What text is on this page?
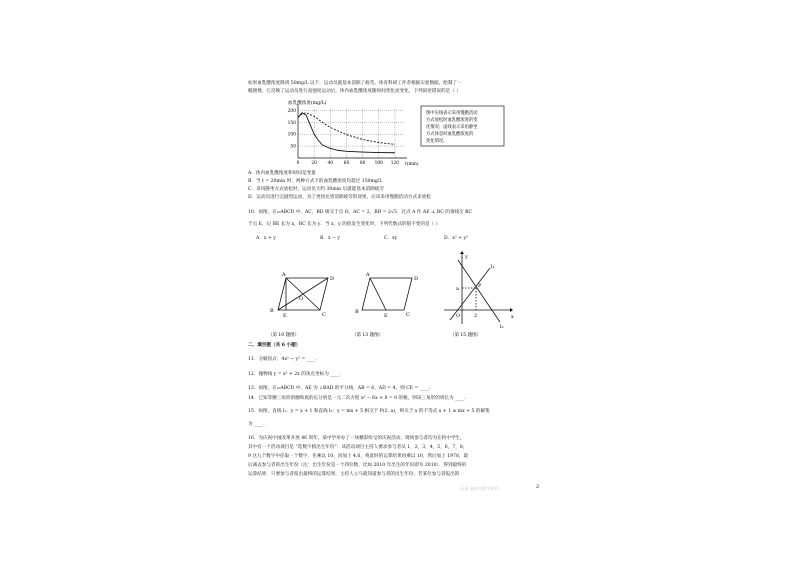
如果血乳酸浓度降到 50mg/L 以下，运动员就基本消除了疲劳。体育科研工作者根据实验数据，绘制了一
幅图像，它反映了运动员进行高强度运动后，体内血乳酸浓度随时间变化而变化，下列叙述错误的是（ ）
血乳酸浓度(mg/L)
200
150
100
50
0	20 40 60 80 100 120 t(min)
图中实线表示采用慢跑活动
方式放松时血乳酸浓度的变
化情况；虚线表示采用静坐
方式休息时血乳酸浓度的
变化情况。
A．体内血乳酸浓度和时间是变量
B．当 t = 20min 时，两种方式下的血乳酸浓度均超过 150mg/L
C．采用静坐方式放松时，运动员大约 30min 后就能基本消除疲劳
D．运动员进行完剧烈运动，为了更快达到消除疲劳的效果，应该采用慢跑活动方式来放松
10．如图，在▱ABCD 中，AC、BD 相交于点 O，AC = 2，BD = 2√3．过点 A 作 AE ⊥ BC 的垂线交 BC
于点 E，记 BE 长为 x，BC 长为 y．当 x，y 的值发生变化时，下列代数式的值不变的是（ ）
A．x + y	B．x − y	C．xy	D．x² + y²
A
D
B
C
E
O
（第 10 题图）
A
D
B	C
E
（第 13 题图）
y
x
O
a	P
2
l₁
l₂
（第 15 题图）
二、填空题（共 6 小题）
11．分解因式：4x² − y² = ____.
12．抛物线 y = x² + 2x 的顶点坐标为 ____.
13．如图，在▱ABCD 中，AE 为 ∠BAD 的平分线，AB = 6，AD = 4，则 CE = ____.
14．已知等腰三角形的腰和底的长分别是一元二次方程 x² − 6x + 8 = 0 的根，则该三角形的周长为 ____.
15．如图，直线 l₁：y = x + 1 和直线 l₂：y = mx + 5 相交于 P(2, a)，则关于 x 的不等式 x + 1 ≥ mx + 5 的解集
为 ____.
16．为庆祝中国改革开放 46 周年，某中学举办了一场精彩纷呈的庆祝活动，现场参与者均为在校中学生，
其中有一个活动项目是 “选数字猜出生年份”．该活动项目主持人要求参与者从 1，2，3，4，5，6，7，8，
9 这九个数字中任取一个数字，先乘以 10，再加上 4.6，将此时的运算结果再乘以 10，然后加上 1978，最
后减去参与者的出生年份（注：出生年份是一个四位数，比如 2010 年出生的年份即为 2010）．得到最终的
运算结果．只要参与者报出最终的运算结果，主持人立马就知道参与者的出生年份，若某位参与者报出的
2
头条 @初中数学资料
